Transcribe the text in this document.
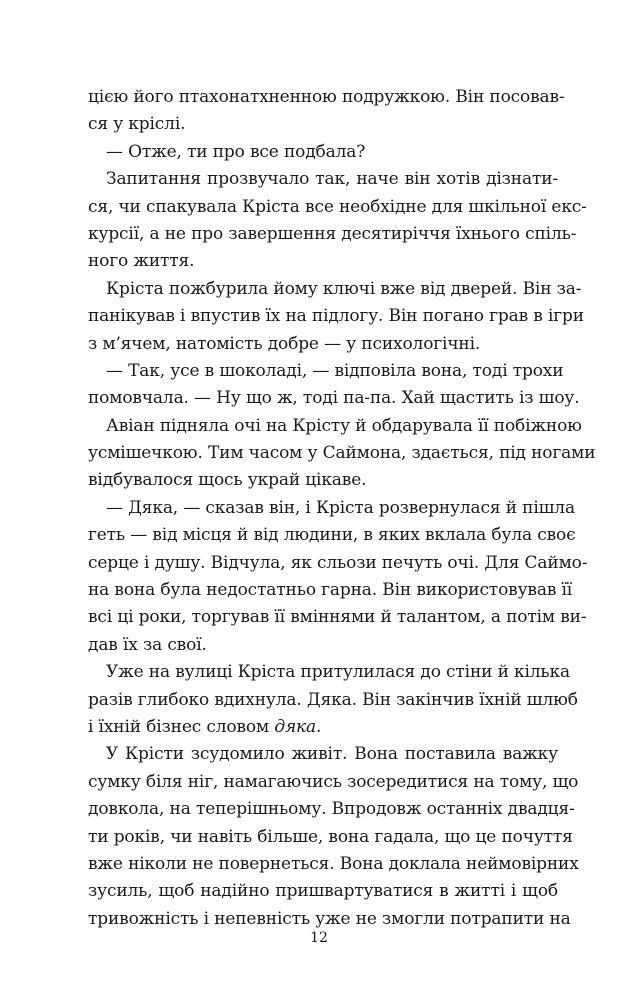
цією його птахонатхненною подружкою. Він посовав-
ся у кріслі.
— Отже, ти про все подбала?
Запитання прозвучало так, наче він хотів дізнати-
ся, чи спакувала Кріста все необхідне для шкільної екс-
курсії, а не про завершення десятиріччя їхнього спіль-
ного життя.
Кріста пожбурила йому ключі вже від дверей. Він за-
панікував і впустив їх на підлогу. Він погано грав в ігри
з м’ячем, натомість добре — у психологічні.
— Так, усе в шоколаді, — відповіла вона, тоді трохи
помовчала. — Ну що ж, тоді па-па. Хай щастить із шоу.
Авіан підняла очі на Крісту й обдарувала її побіжною
усмішечкою. Тим часом у Саймона, здається, під ногами
відбувалося щось украй цікаве.
— Дяка, — сказав він, і Кріста розвернулася й пішла
геть — від місця й від людини, в яких вклала була своє
серце і душу. Відчула, як сльози печуть очі. Для Саймо-
на вона була недостатньо гарна. Він використовував її
всі ці роки, торгував її вміннями й талантом, а потім ви-
дав їх за свої.
Уже на вулиці Кріста притулилася до стіни й кілька
разів глибоко вдихнула. Дяка. Він закінчив їхній шлюб
і їхній бізнес словом дяка.
У Крісти зсудомило живіт. Вона поставила важку
сумку біля ніг, намагаючись зосередитися на тому, що
довкола, на теперішньому. Впродовж останніх двадця-
ти років, чи навіть більше, вона гадала, що це почуття
вже ніколи не повернеться. Вона доклала неймовірних
зусиль, щоб надійно пришвартуватися в житті і щоб
тривожність і непевність уже не змогли потрапити на
12
